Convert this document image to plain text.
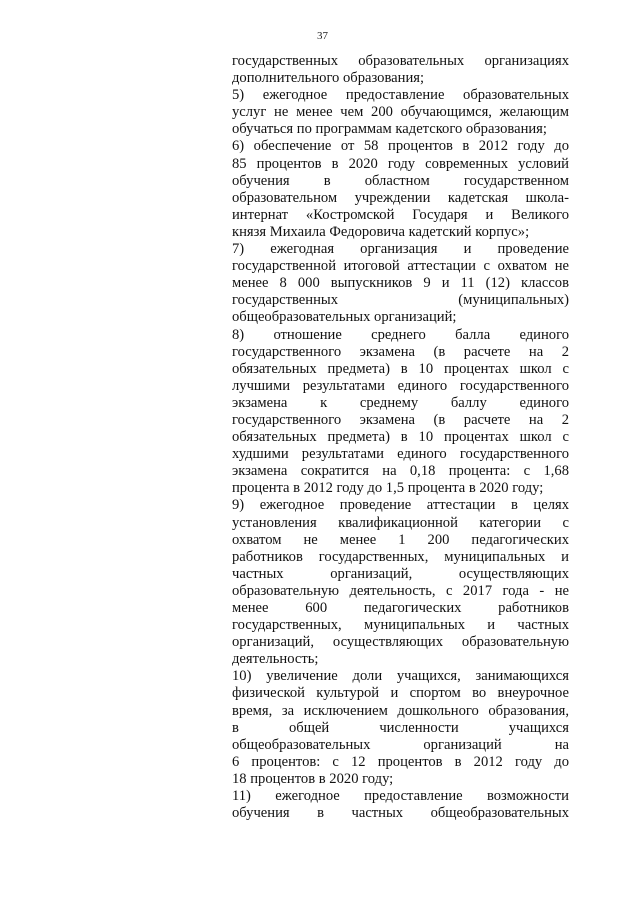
37
государственных образовательных организациях
дополнительного образования;
5) ежегодное предоставление образовательных
услуг не менее чем 200 обучающимся, желающим
обучаться по программам кадетского образования;
6) обеспечение от 58 процентов в 2012 году до
85 процентов в 2020 году современных условий
обучения в областном государственном
образовательном учреждении кадетская школа-
интернат «Костромской Государя и Великого
князя Михаила Федоровича кадетский корпус»;
7) ежегодная организация и проведение
государственной итоговой аттестации с охватом не
менее 8 000 выпускников 9 и 11 (12) классов
государственных (муниципальных)
общеобразовательных организаций;
8) отношение среднего балла единого
государственного экзамена (в расчете на 2
обязательных предмета) в 10 процентах школ с
лучшими результатами единого государственного
экзамена к среднему баллу единого
государственного экзамена (в расчете на 2
обязательных предмета) в 10 процентах школ с
худшими результатами единого государственного
экзамена сократится на 0,18 процента: с 1,68
процента в 2012 году до 1,5 процента в 2020 году;
9) ежегодное проведение аттестации в целях
установления квалификационной категории с
охватом не менее 1 200 педагогических
работников государственных, муниципальных и
частных организаций, осуществляющих
образовательную деятельность, с 2017 года - не
менее 600 педагогических работников
государственных, муниципальных и частных
организаций, осуществляющих образовательную
деятельность;
10) увеличение доли учащихся, занимающихся
физической культурой и спортом во внеурочное
время, за исключением дошкольного образования,
в общей численности учащихся
общеобразовательных организаций на
6 процентов: с 12 процентов в 2012 году до
18 процентов в 2020 году;
11) ежегодное предоставление возможности
обучения в частных общеобразовательных
